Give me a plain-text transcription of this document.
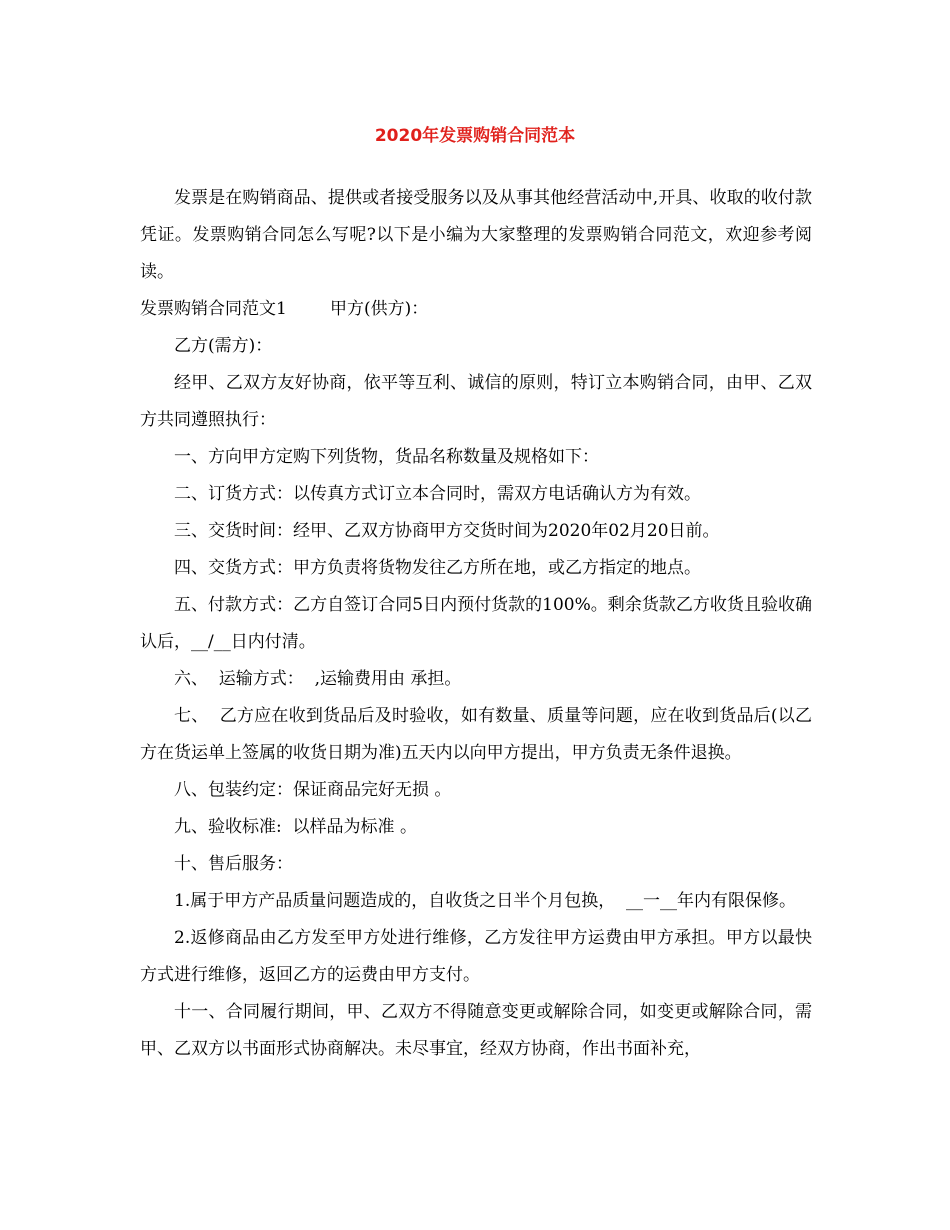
2020年发票购销合同范本

发票是在购销商品、提供或者接受服务以及从事其他经营活动中,开具、收取的收付款凭证。发票购销合同怎么写呢?以下是小编为大家整理的发票购销合同范文，欢迎参考阅读。

发票购销合同范文1        甲方(供方)：

乙方(需方)：

经甲、乙双方友好协商，依平等互利、诚信的原则，特订立本购销合同，由甲、乙双方共同遵照执行：

一、方向甲方定购下列货物，货品名称数量及规格如下：

二、订货方式：以传真方式订立本合同时，需双方电话确认方为有效。

三、交货时间：经甲、乙双方协商甲方交货时间为2020年02月20日前。

四、交货方式：甲方负责将货物发往乙方所在地，或乙方指定的地点。

五、付款方式：乙方自签订合同5日内预付货款的100%。剩余货款乙方收货且验收确认后，__/__日内付清。

六、  运输方式：  ,运输费用由 承担。

七、  乙方应在收到货品后及时验收，如有数量、质量等问题，应在收到货品后(以乙方在货运单上签属的收货日期为准)五天内以向甲方提出，甲方负责无条件退换。

八、包装约定：保证商品完好无损 。

九、验收标准:  以样品为标准 。

十、售后服务：

1.属于甲方产品质量问题造成的，自收货之日半个月包换，  __一__年内有限保修。

2.返修商品由乙方发至甲方处进行维修，乙方发往甲方运费由甲方承担。甲方以最快方式进行维修，返回乙方的运费由甲方支付。

十一、合同履行期间，甲、乙双方不得随意变更或解除合同，如变更或解除合同，需甲、乙双方以书面形式协商解决。未尽事宜，经双方协商，作出书面补充，
